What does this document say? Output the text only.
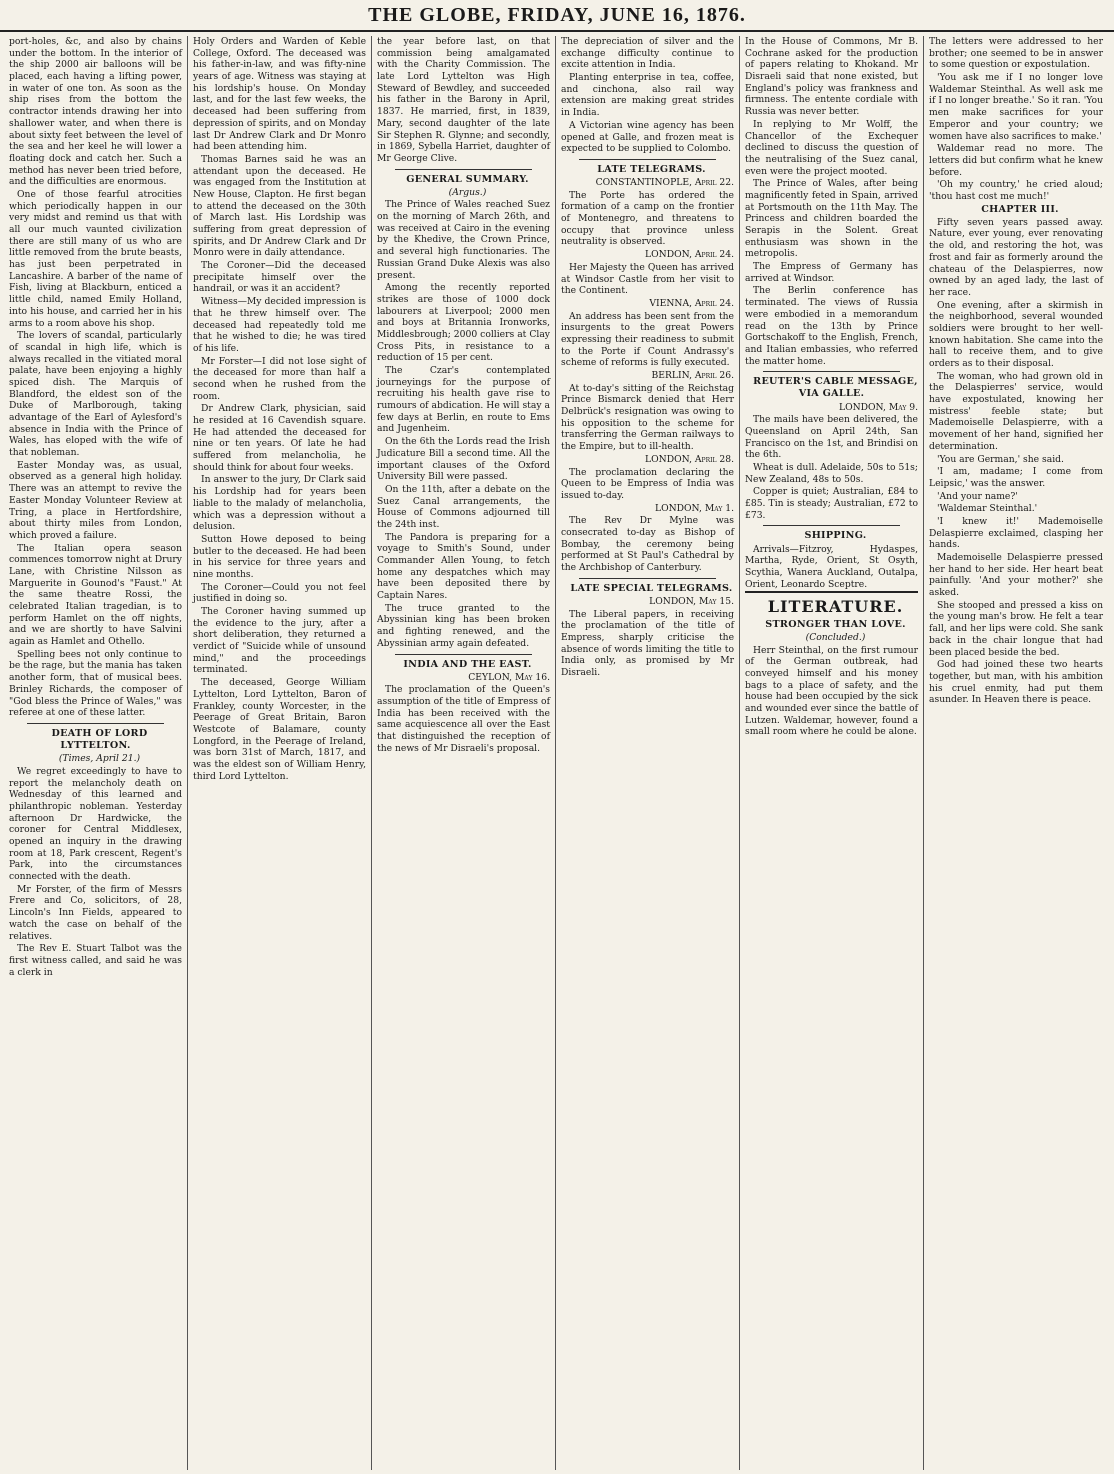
THE GLOBE, FRIDAY, JUNE 16, 1876.

port-holes, &c, and also by chains under the bottom. In the interior of the ship 2000 air balloons will be placed, each having a lifting power, in water of one ton. As soon as the ship rises from the bottom the contractor intends drawing her into shallower water, and when there is about sixty feet between the level of the sea and her keel he will lower a floating dock and catch her. Such a method has never been tried before, and the difficulties are enormous.

One of those fearful atrocities which periodically happen in our very midst and remind us that with all our much vaunted civilization there are still many of us who are little removed from the brute beasts, has just been perpetrated in Lancashire. A barber of the name of Fish, living at Blackburn, enticed a little child, named Emily Holland, into his house, and carried her in his arms to a room above his shop.

The lovers of scandal, particularly of scandal in high life, which is always recalled in the vitiated moral palate, have been enjoying a highly spiced dish. The Marquis of Blandford, the eldest son of the Duke of Marlborough, taking advantage of the Earl of Aylesford's absence in India with the Prince of Wales, has eloped with the wife of that nobleman.

Easter Monday was, as usual, observed as a general high holiday. There was an attempt to revive the Easter Monday Volunteer Review at Tring, a place in Hertfordshire, about thirty miles from London, which proved a failure.

The Italian opera season commences tomorrow night at Drury Lane, with Christine Nilsson as Marguerite in Gounod's "Faust." At the same theatre Rossi, the celebrated Italian tragedian, is to perform Hamlet on the off nights, and we are shortly to have Salvini again as Hamlet and Othello.

Spelling bees not only continue to be the rage, but the mania has taken another form, that of musical bees. Brinley Richards, the composer of "God bless the Prince of Wales," was referee at one of these latter.

DEATH OF LORD LYTTELTON.

(Times, April 21.)

We regret exceedingly to have to report the melancholy death on Wednesday of this learned and philanthropic nobleman. Yesterday afternoon Dr Hardwicke, the coroner for Central Middlesex, opened an inquiry in the drawing room at 18, Park crescent, Regent's Park, into the circumstances connected with the death.

Mr Forster, of the firm of Messrs Frere and Co, solicitors, of 28, Lincoln's Inn Fields, appeared to watch the case on behalf of the relatives.

The Rev E. Stuart Talbot was the first witness called, and said he was a clerk in

Holy Orders and Warden of Keble College, Oxford. The deceased was his father-in-law, and was fifty-nine years of age. Witness was staying at his lordship's house. On Monday last, and for the last few weeks, the deceased had been suffering from depression of spirits, and on Monday last Dr Andrew Clark and Dr Monro had been attending him.

Thomas Barnes said he was an attendant upon the deceased. He was engaged from the Institution at New House, Clapton. He first began to attend the deceased on the 30th of March last. His Lordship was suffering from great depression of spirits, and Dr Andrew Clark and Dr Monro were in daily attendance.

The Coroner—Did the deceased precipitate himself over the handrail, or was it an accident?

Witness—My decided impression is that he threw himself over. The deceased had repeatedly told me that he wished to die; he was tired of his life.

Mr Forster—I did not lose sight of the deceased for more than half a second when he rushed from the room.

Dr Andrew Clark, physician, said he resided at 16 Cavendish square. He had attended the deceased for nine or ten years. Of late he had suffered from melancholia, he should think for about four weeks.

In answer to the jury, Dr Clark said his Lordship had for years been liable to the malady of melancholia, which was a depression without a delusion.

Sutton Howe deposed to being butler to the deceased. He had been in his service for three years and nine months.

The Coroner—Could you not feel justified in doing so.

The Coroner having summed up the evidence to the jury, after a short deliberation, they returned a verdict of "Suicide while of unsound mind," and the proceedings terminated.

The deceased, George William Lyttelton, Lord Lyttelton, Baron of Frankley, county Worcester, in the Peerage of Great Britain, Baron Westcote of Balamare, county Longford, in the Peerage of Ireland, was born 31st of March, 1817, and was the eldest son of William Henry, third Lord Lyttelton.

the year before last, on that commission being amalgamated with the Charity Commission. The late Lord Lyttelton was High Steward of Bewdley, and succeeded his father in the Barony in April, 1837. He married, first, in 1839, Mary, second daughter of the late Sir Stephen R. Glynne; and secondly, in 1869, Sybella Harriet, daughter of Mr George Clive.

GENERAL SUMMARY.

(Argus.)

The Prince of Wales reached Suez on the morning of March 26th, and was received at Cairo in the evening by the Khedive, the Crown Prince, and several high functionaries. The Russian Grand Duke Alexis was also present.

Among the recently reported strikes are those of 1000 dock labourers at Liverpool; 2000 men and boys at Britannia Ironworks, Middlesbrough; 2000 colliers at Clay Cross Pits, in resistance to a reduction of 15 per cent.

The Czar's contemplated journeyings for the purpose of recruiting his health gave rise to rumours of abdication. He will stay a few days at Berlin, en route to Ems and Jugenheim.

On the 6th the Lords read the Irish Judicature Bill a second time. All the important clauses of the Oxford University Bill were passed.

On the 11th, after a debate on the Suez Canal arrangements, the House of Commons adjourned till the 24th inst.

The Pandora is preparing for a voyage to Smith's Sound, under Commander Allen Young, to fetch home any despatches which may have been deposited there by Captain Nares.

The truce granted to the Abyssinian king has been broken and fighting renewed, and the Abyssinian army again defeated.

INDIA AND THE EAST.

CEYLON, May 16.

The proclamation of the Queen's assumption of the title of Empress of India has been received with the same acquiescence all over the East that distinguished the reception of the news of Mr Disraeli's proposal.

The depreciation of silver and the exchange difficulty continue to excite attention in India.

Planting enterprise in tea, coffee, and cinchona, also rail way extension are making great strides in India.

A Victorian wine agency has been opened at Galle, and frozen meat is expected to be supplied to Colombo.

LATE TELEGRAMS.

CONSTANTINOPLE, April 22.

The Porte has ordered the formation of a camp on the frontier of Montenegro, and threatens to occupy that province unless neutrality is observed.

LONDON, April 24.

Her Majesty the Queen has arrived at Windsor Castle from her visit to the Continent.

VIENNA, April 24.

An address has been sent from the insurgents to the great Powers expressing their readiness to submit to the Porte if Count Andrassy's scheme of reforms is fully executed.

BERLIN, April 26.

At to-day's sitting of the Reichstag Prince Bismarck denied that Herr Delbrück's resignation was owing to his opposition to the scheme for transferring the German railways to the Empire, but to ill-health.

LONDON, April 28.

The proclamation declaring the Queen to be Empress of India was issued to-day.

LONDON, May 1.

The Rev Dr Mylne was consecrated to-day as Bishop of Bombay, the ceremony being performed at St Paul's Cathedral by the Archbishop of Canterbury.

LATE SPECIAL TELEGRAMS.

LONDON, May 15.

The Liberal papers, in receiving the proclamation of the title of Empress, sharply criticise the absence of words limiting the title to India only, as promised by Mr Disraeli.

In the House of Commons, Mr B. Cochrane asked for the production of papers relating to Khokand. Mr Disraeli said that none existed, but England's policy was frankness and firmness. The entente cordiale with Russia was never better.

In replying to Mr Wolff, the Chancellor of the Exchequer declined to discuss the question of the neutralising of the Suez canal, even were the project mooted.

The Prince of Wales, after being magnificently feted in Spain, arrived at Portsmouth on the 11th May. The Princess and children boarded the Serapis in the Solent. Great enthusiasm was shown in the metropolis.

The Empress of Germany has arrived at Windsor.

The Berlin conference has terminated. The views of Russia were embodied in a memorandum read on the 13th by Prince Gortschakoff to the English, French, and Italian embassies, who referred the matter home.

REUTER'S CABLE MESSAGE, VIA GALLE.

LONDON, May 9.

The mails have been delivered, the Queensland on April 24th, San Francisco on the 1st, and Brindisi on the 6th.

Wheat is dull. Adelaide, 50s to 51s; New Zealand, 48s to 50s.

Copper is quiet; Australian, £84 to £85. Tin is steady; Australian, £72 to £73.

SHIPPING.

Arrivals—Fitzroy, Hydaspes, Martha, Ryde, Orient, St Osyth, Scythia, Wanera Auckland, Outalpa, Orient, Leonardo Sceptre.

LITERATURE.

STRONGER THAN LOVE.

(Concluded.)

Herr Steinthal, on the first rumour of the German outbreak, had conveyed himself and his money bags to a place of safety, and the house had been occupied by the sick and wounded ever since the battle of Lutzen. Waldemar, however, found a small room where he could be alone.

The letters were addressed to her brother; one seemed to be in answer to some question or expostulation.

'You ask me if I no longer love Waldemar Steinthal. As well ask me if I no longer breathe.' So it ran. 'You men make sacrifices for your Emperor and your country; we women have also sacrifices to make.'

Waldemar read no more. The letters did but confirm what he knew before.

'Oh my country,' he cried aloud; 'thou hast cost me much!'

CHAPTER III.

Fifty seven years passed away. Nature, ever young, ever renovating the old, and restoring the hot, was frost and fair as formerly around the chateau of the Delaspierres, now owned by an aged lady, the last of her race.

One evening, after a skirmish in the neighborhood, several wounded soldiers were brought to her well-known habitation. She came into the hall to receive them, and to give orders as to their disposal.

The woman, who had grown old in the Delaspierres' service, would have expostulated, knowing her mistress' feeble state; but Mademoiselle Delaspierre, with a movement of her hand, signified her determination.

'You are German,' she said.

'I am, madame; I come from Leipsic,' was the answer.

'And your name?'

'Waldemar Steinthal.'

'I knew it!' Mademoiselle Delaspierre exclaimed, clasping her hands.

Mademoiselle Delaspierre pressed her hand to her side. Her heart beat painfully. 'And your mother?' she asked.

She stooped and pressed a kiss on the young man's brow. He felt a tear fall, and her lips were cold. She sank back in the chair longue that had been placed beside the bed.

God had joined these two hearts together, but man, with his ambition his cruel enmity, had put them asunder. In Heaven there is peace.
